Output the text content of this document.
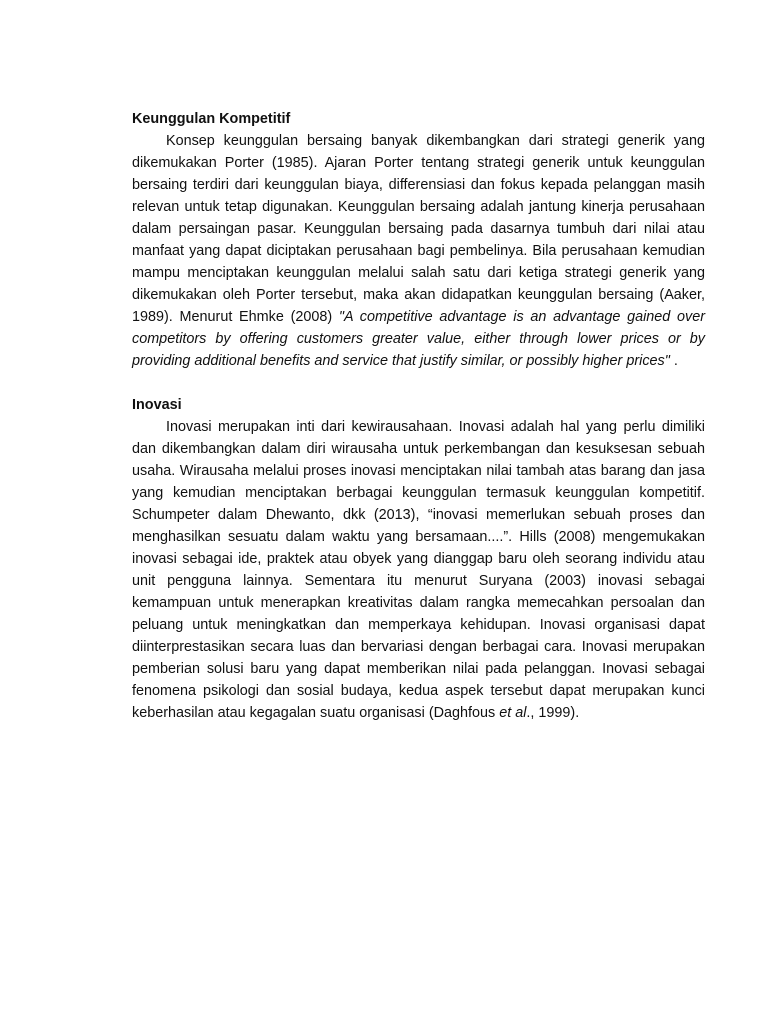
Keunggulan Kompetitif

Konsep keunggulan bersaing banyak dikembangkan dari strategi generik yang dikemukakan Porter (1985). Ajaran Porter tentang strategi generik untuk keunggulan bersaing terdiri dari keunggulan biaya, differensiasi dan fokus kepada pelanggan masih relevan untuk tetap digunakan. Keunggulan bersaing adalah jantung kinerja perusahaan dalam persaingan pasar. Keunggulan bersaing pada dasarnya tumbuh dari nilai atau manfaat yang dapat diciptakan perusahaan bagi pembelinya. Bila perusahaan kemudian mampu menciptakan keunggulan melalui salah satu dari ketiga strategi generik yang dikemukakan oleh Porter tersebut, maka akan didapatkan keunggulan bersaing (Aaker, 1989). Menurut Ehmke (2008) "A competitive advantage is an advantage gained over competitors by offering customers greater value, either through lower prices or by providing additional benefits and service that justify similar, or possibly higher prices" .

Inovasi

Inovasi merupakan inti dari kewirausahaan. Inovasi adalah hal yang perlu dimiliki dan dikembangkan dalam diri wirausaha untuk perkembangan dan kesuksesan sebuah usaha. Wirausaha melalui proses inovasi menciptakan nilai tambah atas barang dan jasa yang kemudian menciptakan berbagai keunggulan termasuk keunggulan kompetitif. Schumpeter dalam Dhewanto, dkk (2013), “inovasi memerlukan sebuah proses dan menghasilkan sesuatu dalam waktu yang bersamaan....”. Hills (2008) mengemukakan inovasi sebagai ide, praktek atau obyek yang dianggap baru oleh seorang individu atau unit pengguna lainnya. Sementara itu menurut Suryana (2003) inovasi sebagai kemampuan untuk menerapkan kreativitas dalam rangka memecahkan persoalan dan peluang untuk meningkatkan dan memperkaya kehidupan. Inovasi organisasi dapat diinterprestasikan secara luas dan bervariasi dengan berbagai cara. Inovasi merupakan pemberian solusi baru yang dapat memberikan nilai pada pelanggan. Inovasi sebagai fenomena psikologi dan sosial budaya, kedua aspek tersebut dapat merupakan kunci keberhasilan atau kegagalan suatu organisasi (Daghfous et al., 1999).
